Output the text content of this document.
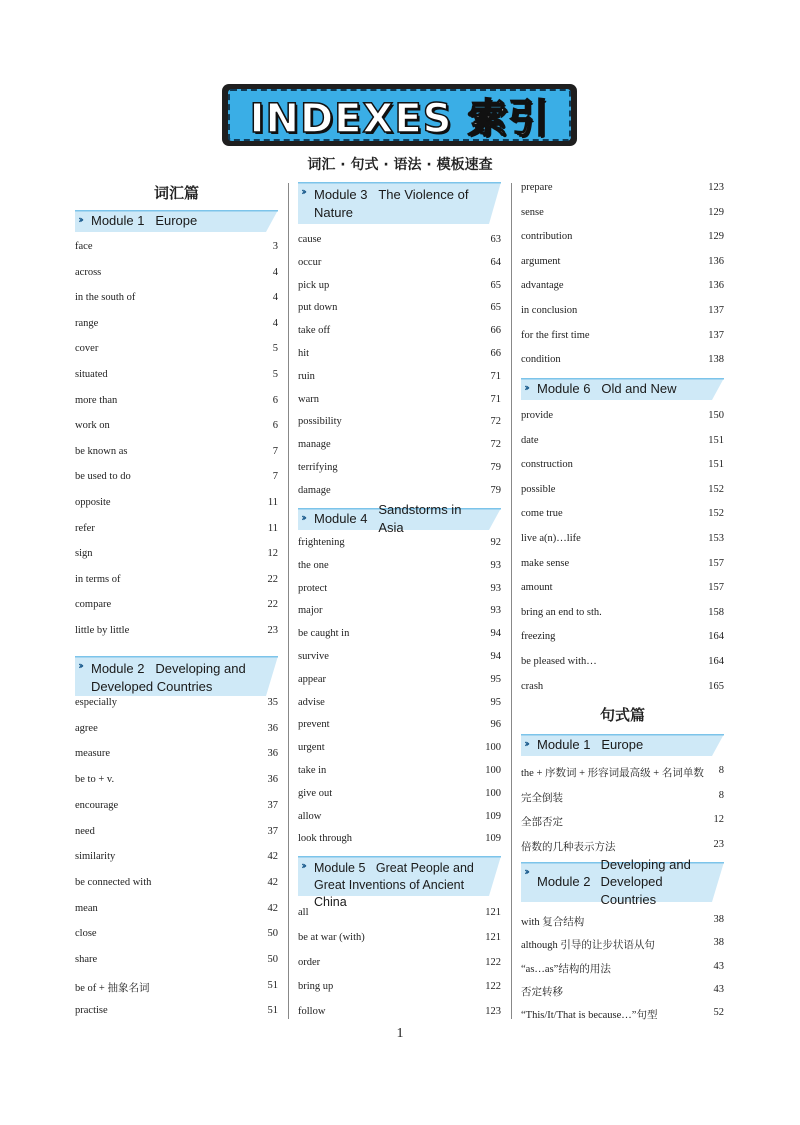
INDEXES 索引
词汇 · 句式 · 语法 · 模板速查
词汇篇
›› Module 1
Europe
›› Module 2 Developing and Developed Countries
face	3
across	4
in the south of	4
range	4
cover	5
situated	5
more than	6
work on	6
be known as	7
be used to do	7
opposite	11
refer	11
sign	12
in terms of	22
compare	22
little by little	23
especially	35
agree	36
measure	36
be to + v.	36
encourage	37
need	37
similarity	42
be connected with	42
mean	42
close	50
share	50
be of + 抽象名词	51
practise	51
›› Module 3 The Violence of Nature
›› Module 4

Sandstorms in Asia
›› Module 5 Great People and Great Inventions of Ancient China
cause	63
occur	64
pick up	65
put down	65
take off	66
hit	66
ruin	71
warn	71
possibility	72
manage	72
terrifying	79
damage	79
frightening	92
the one	93
protect	93
major	93
be caught in	94
survive	94
appear	95
advise	95
prevent	96
urgent	100
take in	100
give out	100
allow	109
look through	109
all	121
be at war (with)	121
order	122
bring up	122
follow	123
›› Module 6
Old and New
句式篇
›› Module 1
Europe
››
Module 2
Developing and Developed Countries
prepare	123
sense	129
contribution	129
argument	136
advantage	136
in conclusion	137
for the first time	137
condition	138
provide	150
date	151
construction	151
possible	152
come true	152
live a(n)…life	153
make sense	157
amount	157
bring an end to sth.	158
freezing	164
be pleased with…	164
crash	165
the + 序数词 + 形容词最高级 + 名词单数 8
完全倒装	8
全部否定	12
倍数的几种表示方法	23
with 复合结构	38
although 引导的让步状语从句	38
“as…as”结构的用法	43
否定转移	43
“This/It/That is because…”句型	52
1
